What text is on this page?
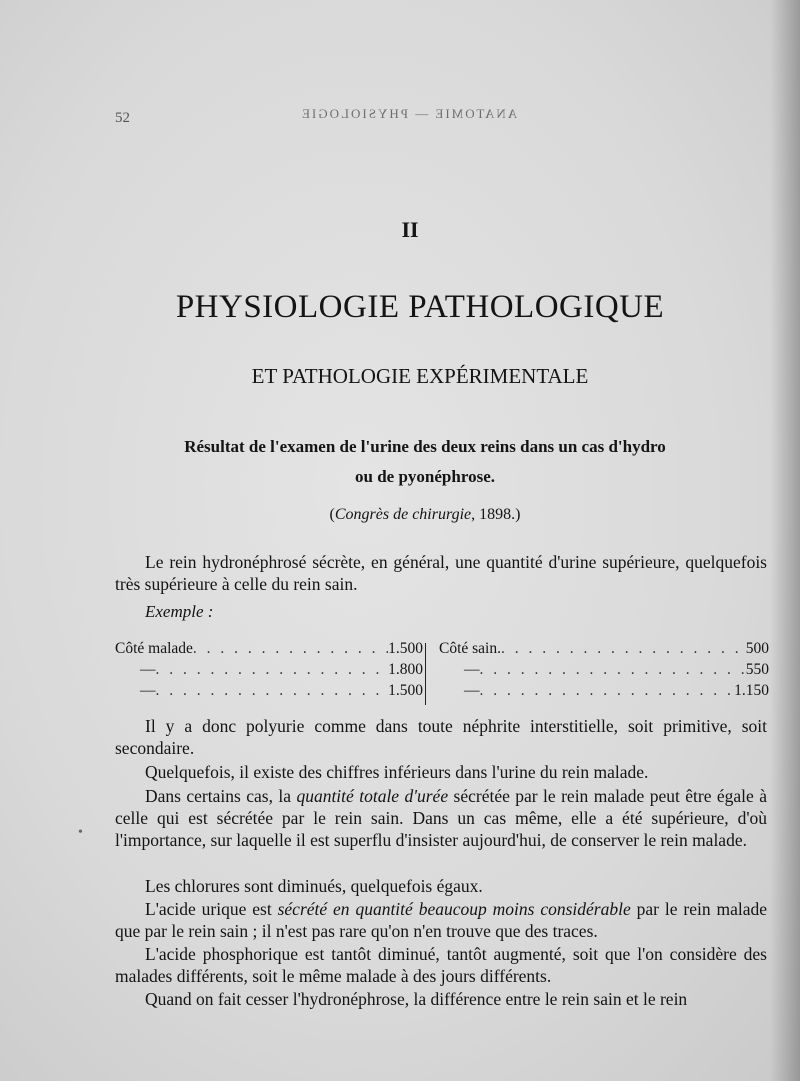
ANATOMIE — PHYSIOLOGIE
52
II
PHYSIOLOGIE PATHOLOGIQUE
ET PATHOLOGIE EXPÉRIMENTALE
Résultat de l'examen de l'urine des deux reins dans un cas d'hydro
ou de pyonéphrose.
(Congrès de chirurgie, 1898.)
Le rein hydronéphrosé sécrète, en général, une quantité d'urine supérieure, quelquefois très supérieure à celle du rein sain.
Exemple :
Côté malade . . .	1.500 Côté sain. . . .	500
— . . .	1.800	— . . .	550
— . . .	1.500	— . . .	1.150
Il y a donc polyurie comme dans toute néphrite interstitielle, soit primitive, soit secondaire.
Quelquefois, il existe des chiffres inférieurs dans l'urine du rein malade.
Dans certains cas, la quantité totale d'urée sécrétée par le rein malade peut être égale à celle qui est sécrétée par le rein sain. Dans un cas même, elle a été supérieure, d'où l'importance, sur laquelle il est superflu d'insister aujourd'hui, de conserver le rein malade.
•
Les chlorures sont diminués, quelquefois égaux.
L'acide urique est sécrété en quantité beaucoup moins considérable par le rein malade que par le rein sain ; il n'est pas rare qu'on n'en trouve que des traces.
L'acide phosphorique est tantôt diminué, tantôt augmenté, soit que l'on considère des malades différents, soit le même malade à des jours différents.
Quand on fait cesser l'hydronéphrose, la différence entre le rein sain et le rein
